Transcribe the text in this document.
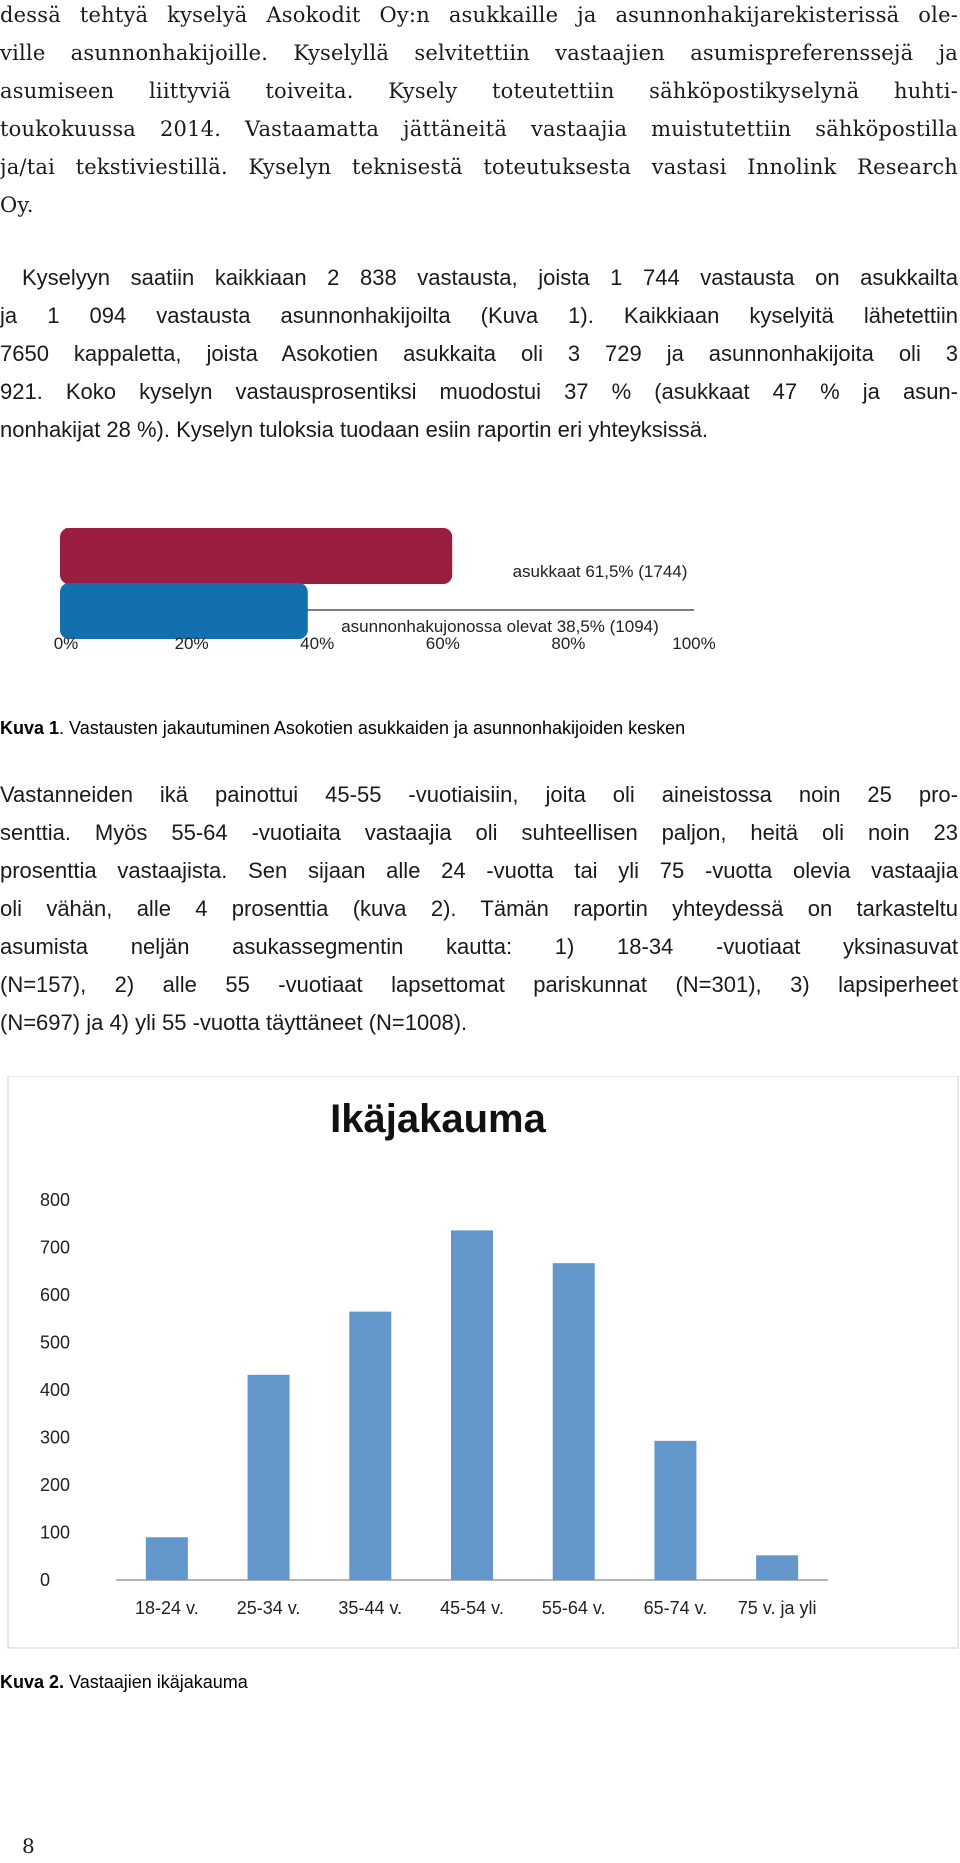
dessä tehtyä kyselyä Asokodit Oy:n asukkaille ja asunnonhakijarekisterissä ole-
ville asunnonhakijoille. Kyselyllä selvitettiin vastaajien asumispreferenssejä ja
asumiseen liittyviä toiveita. Kysely toteutettiin sähköpostikyselynä huhti-
toukokuussa 2014. Vastaamatta jättäneitä vastaajia muistutettiin sähköpostilla
ja/tai tekstiviestillä. Kyselyn teknisestä toteutuksesta vastasi Innolink Research
Oy.
Kyselyyn saatiin kaikkiaan 2 838 vastausta, joista 1 744 vastausta on asukkailta
ja 1 094 vastausta asunnonhakijoilta (Kuva 1). Kaikkiaan kyselyitä lähetettiin
7650 kappaletta, joista Asokotien asukkaita oli 3 729 ja asunnonhakijoita oli 3
921. Koko kyselyn vastausprosentiksi muodostui 37 % (asukkaat 47 % ja asun-
nonhakijat 28 %). Kyselyn tuloksia tuodaan esiin raportin eri yhteyksissä.
asukkaat 61,5% (1744)
asunnonhakujonossa olevat 38,5% (1094)
0%	20%	40%	60%	80%	100%

Kuva 1. Vastausten jakautuminen Asokotien asukkaiden ja asunnonhakijoiden kesken

Vastanneiden ikä painottui 45-55 -vuotiaisiin, joita oli aineistossa noin 25 pro-
senttia. Myös 55-64 -vuotiaita vastaajia oli suhteellisen paljon, heitä oli noin 23
prosenttia vastaajista. Sen sijaan alle 24 -vuotta tai yli 75 -vuotta olevia vastaajia
oli vähän, alle 4 prosenttia (kuva 2). Tämän raportin yhteydessä on tarkasteltu
asumista neljän asukassegmentin kautta: 1) 18-34 -vuotiaat yksinasuvat
(N=157), 2) alle 55 -vuotiaat lapsettomat pariskunnat (N=301), 3) lapsiperheet
(N=697) ja 4) yli 55 -vuotta täyttäneet (N=1008).
Ikäjakauma
0
100
200
300
400
500
600
700
800
18-24 v. 25-34 v. 35-44 v. 45-54 v. 55-64 v. 65-74 v. 75 v. ja yli

Kuva 2. Vastaajien ikäjakauma

8
